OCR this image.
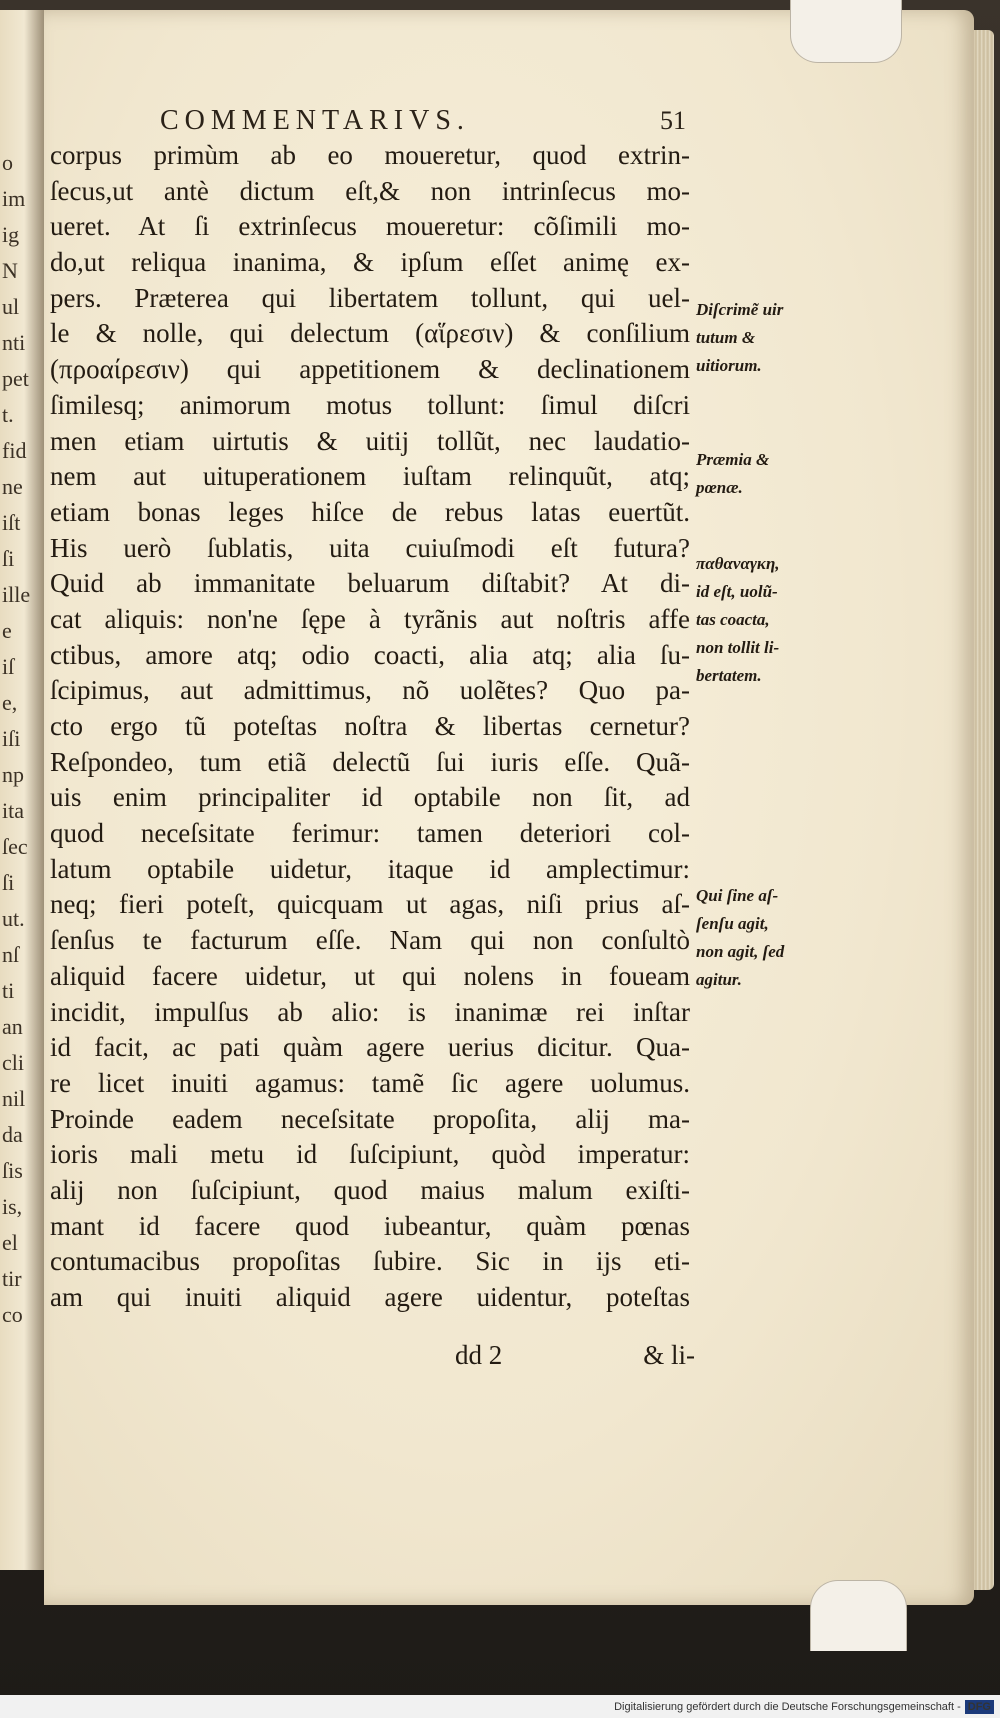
o
im
ig
N
ul
nti
pet
t.
fid
ne
iſt
ſi
ille
e
iſ
e,
iſi
np
ita
ſec
ſi
ut.
nſ
ti
an
cli
nil
da
ſis
is,
el
tir
co
COMMENTARIVS.	51
corpus primùm ab eo moueretur, quod extrin-
ſecus,ut antè dictum eſt,& non intrinſecus mo-
ueret. At ſi extrinſecus moueretur: cõſimili mo-
do,ut reliqua inanima, & ipſum eſſet animę ex-
pers. Præterea qui libertatem tollunt, qui uel-
le & nolle, qui delectum (αἵρεσιν) & conſilium
(προαίρεσιν) qui appetitionem & declinationem
ſimilesq; animorum motus tollunt: ſimul diſcri
men etiam uirtutis & uitij tollũt, nec laudatio-
nem aut uituperationem iuſtam relinquũt, atq;
etiam bonas leges hiſce de rebus latas euertũt.
His uerò ſublatis, uita cuiuſmodi eſt futura?
Quid ab immanitate beluarum diſtabit? At di-
cat aliquis: non'ne ſępe à tyrãnis aut noſtris affe
ctibus, amore atq; odio coacti, alia atq; alia ſu-
ſcipimus, aut admittimus, nõ uolẽtes? Quo pa-
cto ergo tũ poteſtas noſtra & libertas cernetur?
Reſpondeo, tum etiã delectũ ſui iuris eſſe. Quã-
uis enim principaliter id optabile non ſit, ad
quod neceſsitate ferimur: tamen deteriori col-
latum optabile uidetur, itaque id amplectimur:
neq; fieri poteſt, quicquam ut agas, niſi prius aſ-
ſenſus te facturum eſſe. Nam qui non conſultò
aliquid facere uidetur, ut qui nolens in foueam
incidit, impulſus ab alio: is inanimæ rei inſtar
id facit, ac pati quàm agere uerius dicitur. Qua-
re licet inuiti agamus: tamẽ ſic agere uolumus.
Proinde eadem neceſsitate propoſita, alij ma-
ioris mali metu id ſuſcipiunt, quòd imperatur:
alij non ſuſcipiunt, quod maius malum exiſti-
mant id facere quod iubeantur, quàm pœnas
contumacibus propoſitas ſubire. Sic in ijs eti-
am qui inuiti aliquid agere uidentur, poteſtas
dd 2	& li-
Diſcrimẽ uir
tutum &
uitiorum.
Præmia &
pœnæ.
παθαναγκη,
id eſt, uolũ-
tas coacta,
non tollit li-
bertatem.
Qui ſine aſ-
ſenſu agit,
non agit, ſed
agitur.
Digitalisierung gefördert durch die Deutsche Forschungsgemeinschaft - DFG
